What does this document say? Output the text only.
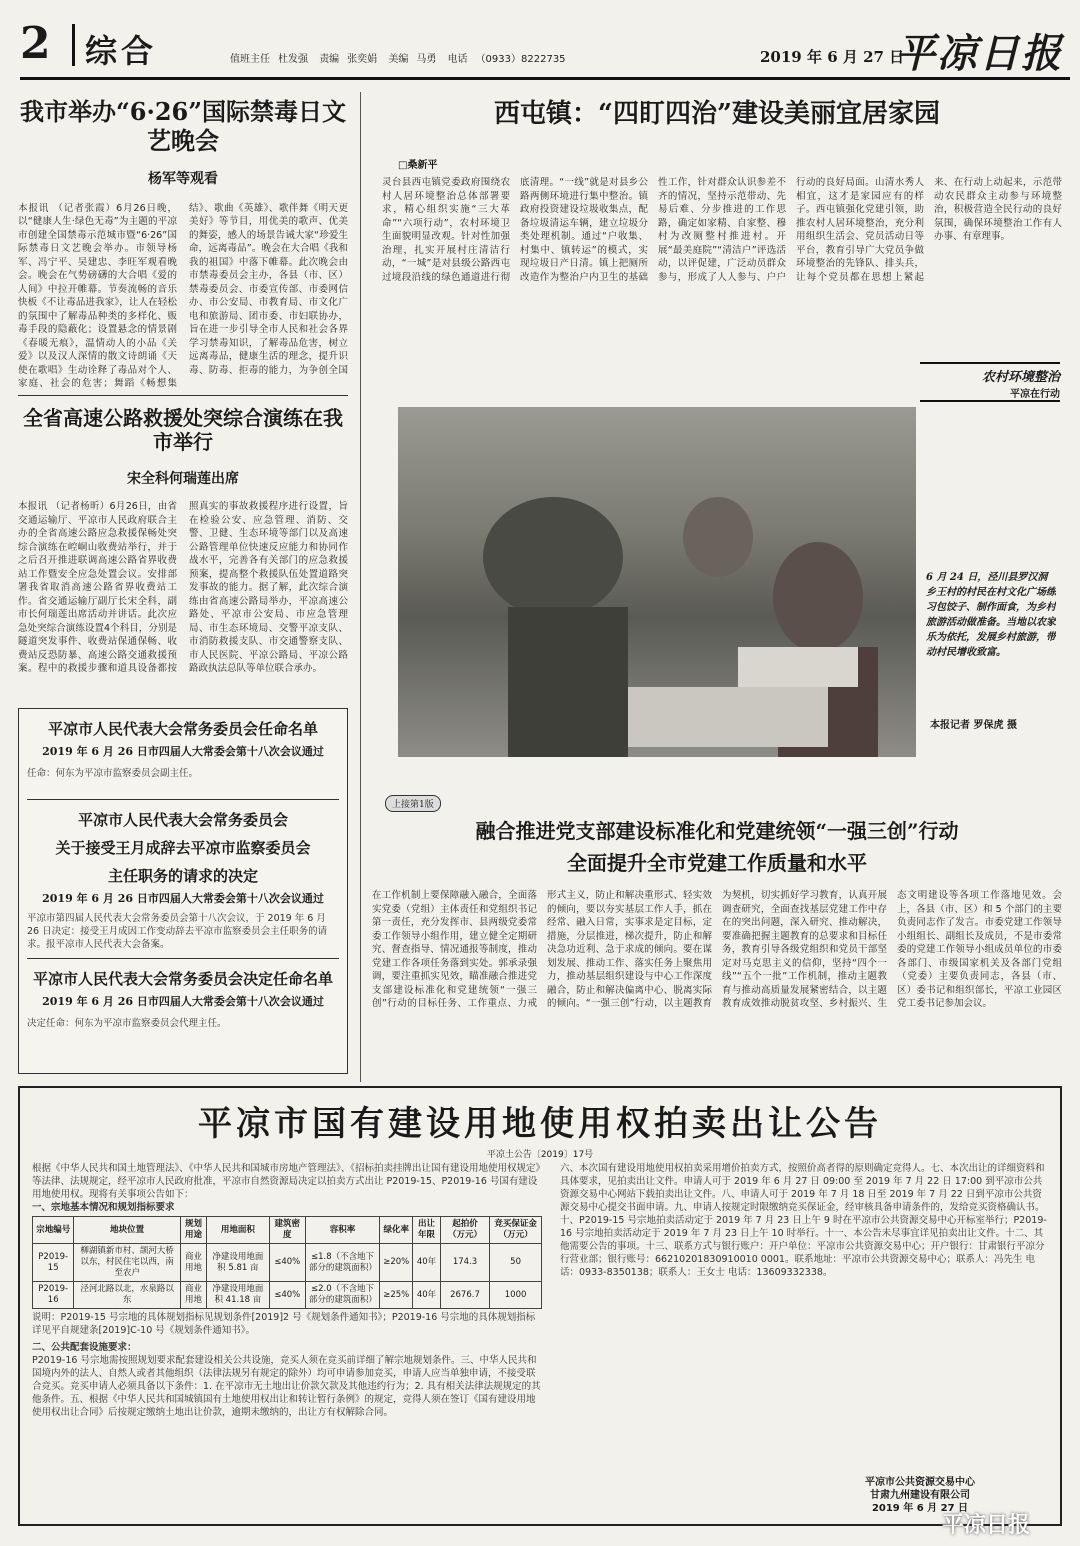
2	综合	值班主任 杜发强 责编 张奕娟 美编 马勇 电话 （0933）8222735	2019 年 6 月 27 日
平凉日报
我市举办“6·26”国际禁毒日文艺晚会
杨军等观看
本报讯 （记者张霞）6月26日晚，以“健康人生·绿色无毒”为主题的平凉市创建全国禁毒示范城市暨“6·26”国际禁毒日文艺晚会举办。市领导杨军、冯宁平、吴建忠、李旺军观看晚会。晚会在气势磅礴的大合唱《爱的人间》中拉开帷幕。节奏流畅的音乐快板《不让毒品进我家》，让人在轻松的氛围中了解毒品种类的多样化、贩毒手段的隐蔽化；设置悬念的情景剧《春暖无痕》，温情动人的小品《关爱》以及汉人深情的散文诗朗诵《天使在歌唱》生动诠释了毒品对个人、家庭、社会的危害；舞蹈《畅想集结》、歌曲《英雄》、歌伴舞《明天更美好》等节目，用优美的歌声、优美的舞姿，感人的场景告诫大家“珍爱生命，远离毒品”。晚会在大合唱《我和我的祖国》中落下帷幕。此次晚会由市禁毒委员会主办，各县（市、区）禁毒委员会、市委宣传部、市委网信办、市公安局、市教育局、市文化广电和旅游局、团市委、市妇联协办，旨在进一步引导全市人民和社会各界学习禁毒知识，了解毒品危害，树立远离毒品，健康生活的理念，提升识毒、防毒、拒毒的能力，为争创全国
全省高速公路救援处突综合演练在我市举行
宋全科何瑞莲出席
本报讯 （记者杨昕）6月26日，由省交通运输厅、平凉市人民政府联合主办的全省高速公路应急救援保畅处突综合演练在崆峒山收费站举行，并于之后召开推进联调高速公路省界收费站工作暨安全应急处置会议。安排部署我省取消高速公路省界收费站工作。省交通运输厅副厅长宋全科，副市长何瑞莲出席活动并讲话。此次应急处突综合演练设置4个科目，分别是隧道突发事件、收费站保通保畅、收费站反恐防暴、高速公路交通救援预案。程中的救援步骤和道具设备都按照真实的事故救援程序进行设置，旨在检验公安、应急管理、消防、交警、卫健、生态环境等部门以及高速公路管理单位快速反应能力和协同作战水平，完善各有关部门的应急救援预案，提高整个救援队伍处置道路突发事故的能力。据了解，此次综合演练由省高速公路局举办，平凉高速公路处、平凉市公安局、市应急管理局、市生态环境局、交警平凉支队、市消防救援支队、市交通警察支队、市人民医院、平凉公路局、平凉公路路政执法总队等单位联合承办。
平凉市人民代表大会常务委员会任命名单
2019 年 6 月 26 日市四届人大常委会第十八次会议通过
任命：何东为平凉市监察委员会副主任。
平凉市人民代表大会常务委员会
关于接受王月成辞去平凉市监察委员会
主任职务的请求的决定
2019 年 6 月 26 日市四届人大常委会第十八次会议通过
平凉市第四届人民代表大会常务委员会第十八次会议，于 2019 年 6 月 26 日决定：接受王月成因工作变动辞去平凉市监察委员会主任职务的请求。报平凉市人民代表大会备案。
平凉市人民代表大会常务委员会决定任命名单
2019 年 6 月 26 日市四届人大常委会第十八次会议通过
决定任命：何东为平凉市监察委员会代理主任。
西屯镇：“四盯四治”建设美丽宜居家园
□桑新平
灵台县西屯镇党委政府围绕农村人居环境整治总体部署要求，精心组织实施“三大革命”“六项行动”，农村环境卫生面貌明显改观。针对性加强治理，扎实开展村庄清洁行动，“一城”是对县级公路西屯过境段沿线的绿色通道进行彻底清理。“一线”就是对县乡公路两侧环境进行集中整治。镇政府投资建设垃圾收集点，配备垃圾清运车辆，建立垃圾分类处理机制。通过“户收集、村集中、镇转运”的模式，实现垃圾日产日清。镇上把厕所改造作为整治户内卫生的基础性工作，针对群众认识参差不齐的情况，坚持示范带动、先易后难、分步推进的工作思路，确定如家精、自家整、穆村为改厕整村推进村。开展“最美庭院”“清洁户”评选活动，以评促建，广泛动员群众参与，形成了人人参与、户户行动的良好局面。山清水秀人相宜，这才是家园应有的样子。西屯镇强化党建引领，助推农村人居环境整治，充分利用组织生活会、党员活动日等平台，教育引导广大党员争做环境整治的先锋队、排头兵，让每个党员都在思想上紧起来、在行动上动起来，示范带动农民群众主动参与环境整治，积极营造全民行动的良好氛围，确保环境整治工作有人办事、有章理事。
农村环境整治
平凉在行动
6 月 24 日，泾川县罗汉洞乡王村的村民在村文化广场练习包饺子、制作面食，为乡村旅游活动做准备。当地以农家乐为依托，发展乡村旅游，带动村民增收致富。
本报记者 罗保虎 摄
上接第1版
融合推进党支部建设标准化和党建统领“一强三创”行动
全面提升全市党建工作质量和水平
在工作机制上要保障融入融合，全面落实党委（党组）主体责任和党组织书记第一责任，充分发挥市、县两级党委常委工作领导小组作用，建立健全定期研究、督查指导、情况通报等制度，推动党建工作各项任务落到实处。郭承录强调，要注重抓实见效，瞄准融合推进党支部建设标准化和党建统领“一强三创”行动的目标任务、工作重点、力戒形式主义，防止和解决重形式、轻实效的倾向，要以夯实基层工作人手，抓在经常、融入日常，实事求是定目标，定措施，分层推进，梯次提升，防止和解决急功近利、急于求成的倾向。要在谋划发展、推动工作、落实任务上聚焦用力，推动基层组织建设与中心工作深度融合，防止和解决偏离中心、脱离实际的倾向。“一强三创”行动，以主题教育为契机，切实抓好学习教育，认真开展调查研究，全面查找基层党建工作中存在的突出问题，深入研究、推动解决，要准确把握主题教育的总要求和目标任务，教育引导各级党组织和党员干部坚定对马克思主义的信仰，坚持“四个一线”“五个一批”工作机制，推动主题教育与推动高质量发展紧密结合，以主题教育成效推动脱贫攻坚、乡村振兴、生态文明建设等各项工作落地见效。会上，各县（市、区）和 5 个部门的主要负责同志作了发言。市委党建工作领导小组组长、副组长及成员，不是市委常委的党建工作领导小组成员单位的市委各部门、市级国家机关及各部门党组（党委）主要负责同志，各县（市、区）委书记和组织部长，平凉工业园区党工委书记参加会议。
平凉市国有建设用地使用权拍卖出让公告
平凉土公告〔2019〕17号
根据《中华人民共和国土地管理法》、《中华人民共和国城市房地产管理法》、《招标拍卖挂牌出让国有建设用地使用权规定》等法律、法规规定，经平凉市人民政府批准，平凉市自然资源局决定以拍卖方式出让 P2019-15、P2019-16 号国有建设用地使用权。现将有关事项公告如下：
一、宗地基本情况和规划指标要求
宗地编号	地块位置	规划用途	用地面积	建筑密度	容积率	绿化率	出让年限	起拍价（万元）	竞买保证金（万元）
P2019-15	柳湖镇新市村、颉河大桥以东，村民住宅以西，南至农户	商业用地	净建设用地面积 5.81 亩	≤40%	≤1.8（不含地下部分的建筑面积）	≥20%	40年	174.3	50
P2019-16	泾河北路以北，水泉路以东	商业用地	净建设用地面积 41.18 亩	≤40%	≤2.0（不含地下部分的建筑面积）	≥25%	40年	2676.7	1000
说明：P2019-15 号宗地的具体规划指标见规划条件[2019]2 号《规划条件通知书》；P2019-16 号宗地的具体规划指标详见平自规建条[2019]C-10 号《规划条件通知书》。
二、公共配套设施要求：
P2019-16 号宗地需按照规划要求配套建设相关公共设施，竞买人须在竞买前详细了解宗地规划条件。三、中华人民共和国境内外的法人、自然人或者其他组织（法律法规另有规定的除外）均可申请参加竞买，申请人应当单独申请，不接受联合竞买。竞买申请人必须具备以下条件：1. 在平凉市无土地出让价款欠款及其他违约行为；2. 具有相关法律法规规定的其他条件。五、根据《中华人民共和国城镇国有土地使用权出让和转让暂行条例》的规定，竞得人须在签订《国有建设用地使用权出让合同》后按规定缴纳土地出让价款，逾期未缴纳的，出让方有权解除合同。
六、本次国有建设用地使用权拍卖采用增价拍卖方式，按照价高者得的原则确定竞得人。七、本次出让的详细资料和具体要求，见拍卖出让文件。申请人可于 2019 年 6 月 27 日 09:00 至 2019 年 7 月 22 日 17:00 到平凉市公共资源交易中心网站下载拍卖出让文件。八、申请人可于 2019 年 7 月 18 日至 2019 年 7 月 22 日到平凉市公共资源交易中心提交书面申请。九、申请人按规定时限缴纳竞买保证金，经审核具备申请条件的，发给竞买资格确认书。十、P2019-15 号宗地拍卖活动定于 2019 年 7 月 23 日上午 9 时在平凉市公共资源交易中心开标室举行；P2019-16 号宗地拍卖活动定于 2019 年 7 月 23 日上午 10 时举行。十一、本公告未尽事宜详见拍卖出让文件。十二、其他需要公告的事项。十三、联系方式与银行账户：开户单位：平凉市公共资源交易中心；开户银行：甘肃银行平凉分行营业部；银行账号：66210201830910010 0001。联系地址：平凉市公共资源交易中心；联系人：冯先生 电话：0933-8350138；联系人：王女士 电话：13609332338。
平凉市公共资源交易中心
甘肃九州建设有限公司
2019 年 6 月 27 日
平凉日报
